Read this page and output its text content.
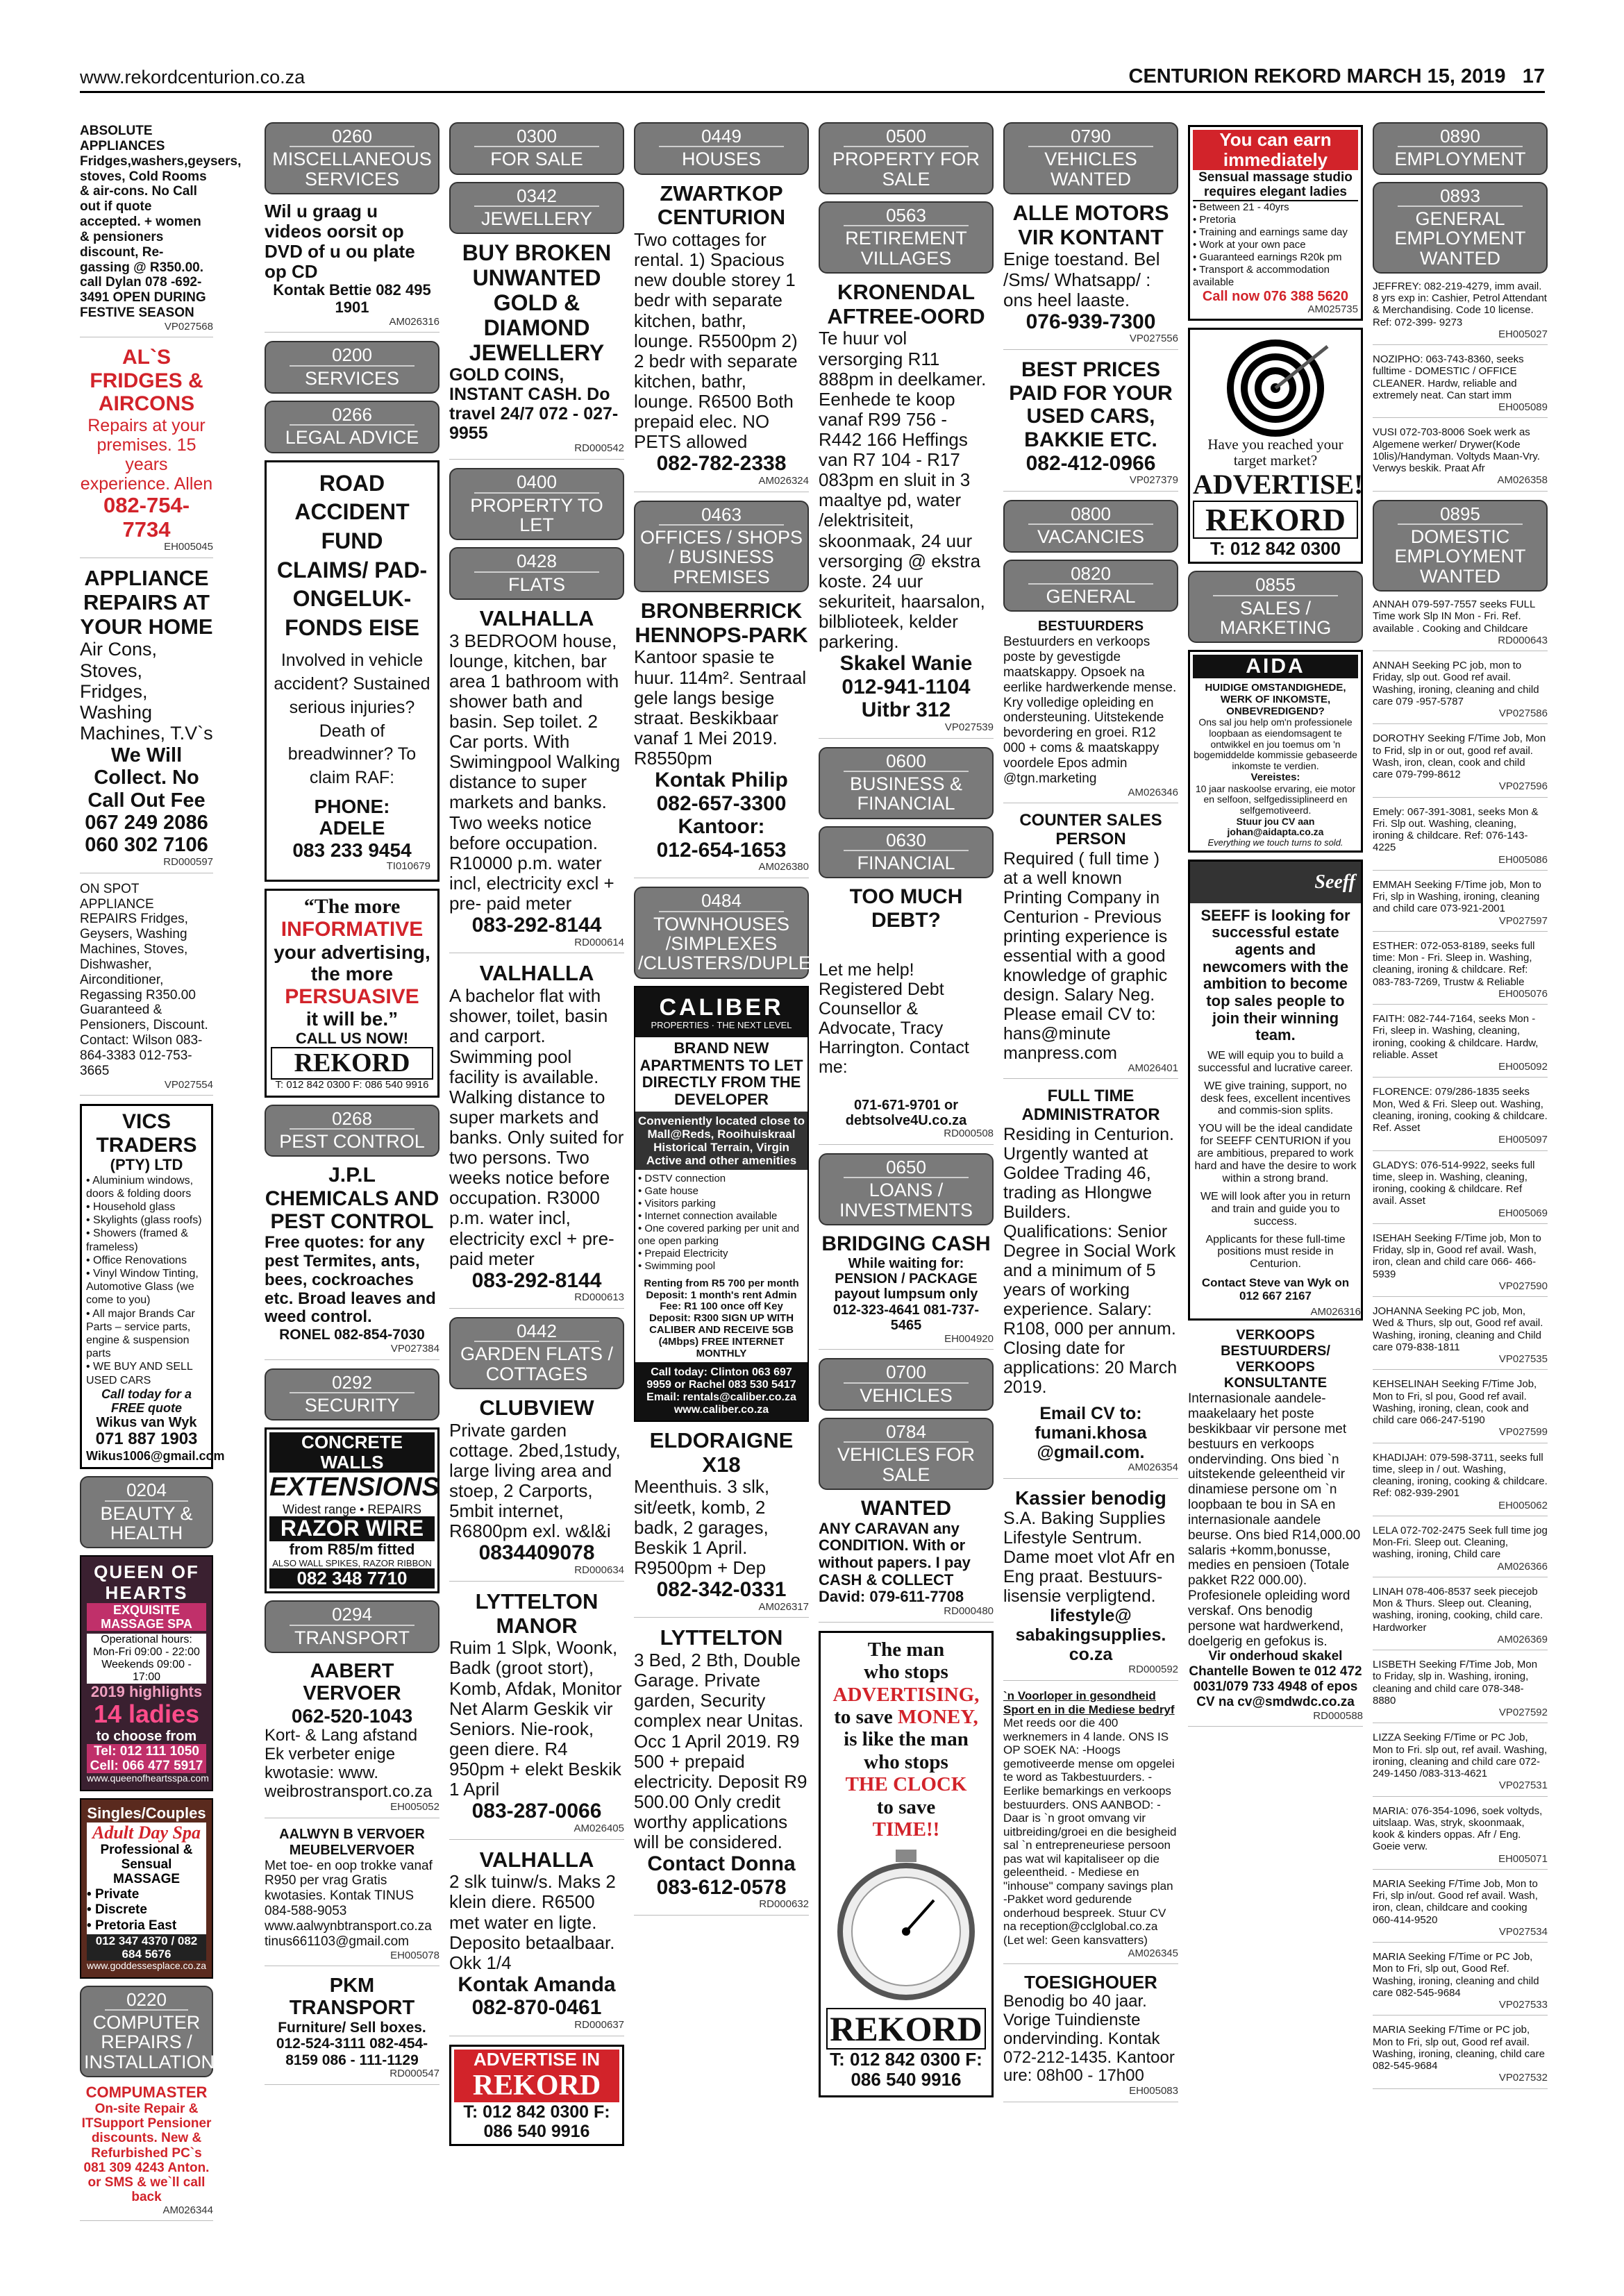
www.rekordcenturion.co.za	CENTURION REKORD MARCH 15, 2019 17

ABSOLUTE APPLIANCES Fridges,washers,geysers, stoves, Cold Rooms & air-cons. No Call out if quote accepted. + women & pensioners discount, Re-gassing @ R350.00. call Dylan 078 -692-3491 OPEN DURING FESTIVE SEASON

VP027568

AL`S FRIDGES & AIRCONS

Repairs at your premises. 15 years experience. Allen

082-754-7734

EH005045

APPLIANCE REPAIRS AT YOUR HOME

Air Cons, Stoves, Fridges, Washing Machines, T.V`s

We Will Collect. No Call Out Fee

067 249 2086 060 302 7106

RD000597

ON SPOT APPLIANCE REPAIRS Fridges, Geysers, Washing Machines, Stoves, Dishwasher, Airconditioner, Regassing R350.00 Guaranteed & Pensioners, Discount. Contact: Wilson 083-864-3383 012-753-3665

VP027554

VICS TRADERS

(PTY) LTD

• Aluminium windows, doors & folding doors
• Household glass
• Skylights (glass roofs)
• Showers (framed & frameless)
• Office Renovations
• Vinyl Window Tinting, Automotive Glass (we come to you)
• All major Brands Car Parts – service parts, engine & suspension parts
• WE BUY AND SELL USED CARS

Call today for a FREE quote

Wikus van Wyk

071 887 1903

Wikus1006@gmail.com

0204
BEAUTY & HEALTH

QUEEN OF HEARTS

EXQUISITE MASSAGE SPA

Operational hours: Mon-Fri 09:00 - 22:00 Weekends 09:00 - 17:00

2019 highlights

14 ladies

to choose from

Tel: 012 111 1050 Cell: 066 477 5917

www.queenofheartsspa.com

Singles/Couples

Adult Day Spa

Professional & Sensual MASSAGE

• Private
• Discrete
• Pretoria East

012 347 4370 / 082 684 5676

www.goddessesplace.co.za

0220
COMPUTER REPAIRS / INSTALLATIONS

COMPUMASTER

On-site Repair & ITSupport Pensioner discounts. New & Refurbished PC`s 081 309 4243 Anton. or SMS & we`ll call back

AM026344
0260
MISCELLANEOUS SERVICES

Wil u graag u videos oorsit op DVD of u ou plate op CD

Kontak Bettie 082 495 1901

AM026316
0200
SERVICES
0266
LEGAL ADVICE

ROAD ACCIDENT FUND CLAIMS/ PAD-ONGELUK-FONDS EISE

Involved in vehicle accident? Sustained serious injuries? Death of breadwinner? To claim RAF:

PHONE:

ADELE

083 233 9454

TI010679

“The more

INFORMATIVE

your advertising, the more

PERSUASIVE

it will be.”

CALL US NOW!

REKORD

T: 012 842 0300 F: 086 540 9916

0268
PEST CONTROL

J.P.L CHEMICALS AND PEST CONTROL

Free quotes: for any pest Termites, ants, bees, cockroaches etc. Broad leaves and weed control.

RONEL 082-854-7030

VP027384
0292
SECURITY

CONCRETE WALLS

EXTENSIONS

Widest range • REPAIRS

RAZOR WIRE

from R85/m fitted

ALSO WALL SPIKES, RAZOR RIBBON

082 348 7710

0294
TRANSPORT

AABERT VERVOER

062-520-1043

Kort- & Lang afstand Ek verbeter enige kwotasie: www. weibrostransport.co.za

EH005052

AALWYN B VERVOER MEUBELVERVOER

Met toe- en oop trokke vanaf R950 per vrag Gratis kwotasies. Kontak TINUS 084-588-9053 www.aalwynbtransport.co.za tinus661103@gmail.com

EH005078

PKM TRANSPORT

Furniture/ Sell boxes. 012-524-3111 082-454- 8159 086 - 111-1129

RD000547
0300
FOR SALE
0342
JEWELLERY

BUY BROKEN UNWANTED GOLD & DIAMOND JEWELLERY

GOLD COINS, INSTANT CASH. Do travel 24/7 072 - 027- 9955

RD000542
0400
PROPERTY TO LET
0428
FLATS

VALHALLA

3 BEDROOM house, lounge, kitchen, bar area 1 bathroom with shower bath and basin. Sep toilet. 2 Car ports. With Swimingpool Walking distance to super markets and banks. Two weeks notice before occupation. R10000 p.m. water incl, electricity excl + pre- paid meter

083-292-8144

RD000614

VALHALLA

A bachelor flat with shower, toilet, basin and carport. Swimming pool facility is available. Walking distance to super markets and banks. Only suited for two persons. Two weeks notice before occupation. R3000 p.m. water incl, electricity excl + pre-paid meter

083-292-8144

RD000613
0442
GARDEN FLATS / COTTAGES

CLUBVIEW

Private garden cottage. 2bed,1study, large living area and stoep, 2 Carports, 5mbit internet, R6800pm exl. w&l&i

0834409078

RD000634

LYTTELTON MANOR

Ruim 1 Slpk, Woonk, Badk (groot stort), Komb, Afdak, Monitor Net Alarm Geskik vir Seniors. Nie-rook, geen diere. R4 950pm + elekt Beskik 1 April

083-287-0066

AM026405

VALHALLA

2 slk tuinw/s. Maks 2 klein diere. R6500 met water en ligte. Deposito betaalbaar. Okk 1/4

Kontak Amanda

082-870-0461

RD000637

ADVERTISE IN

REKORD

T: 012 842 0300 F: 086 540 9916

0449
HOUSES

ZWARTKOP CENTURION

Two cottages for rental. 1) Spacious new double storey 1 bedr with separate kitchen, bathr, lounge. R5500pm 2) 2 bedr with separate kitchen, bathr, lounge. R6500 Both prepaid elec. NO PETS allowed

082-782-2338

AM026324
0463
OFFICES / SHOPS / BUSINESS PREMISES

BRONBERRICK HENNOPS-PARK

Kantoor spasie te huur. 114m². Sentraal gele langs besige straat. Beskikbaar vanaf 1 Mei 2019. R8550pm

Kontak Philip

082-657-3300

Kantoor:

012-654-1653

AM026380
0484
TOWNHOUSES /SIMPLEXES /CLUSTERS/DUPLEXES

CALIBER

PROPERTIES · THE NEXT LEVEL

BRAND NEW APARTMENTS TO LET DIRECTLY FROM THE DEVELOPER

Conveniently located close to Mall@Reds, Rooihuiskraal Historical Terrain, Virgin Active and other amenities

• DSTV connection
• Gate house
• Visitors parking
• Internet connection available
• One covered parking per unit and one open parking
• Prepaid Electricity
• Swimming pool

Renting from R5 700 per month Deposit: 1 month's rent Admin Fee: R1 100 once off Key Deposit: R300 SIGN UP WITH CALIBER AND RECEIVE 5GB (4Mbps) FREE INTERNET MONTHLY

Call today: Clinton 063 697 9959 or Rachel 083 530 5417 Email: rentals@caliber.co.za www.caliber.co.za

ELDORAIGNE X18

Meenthuis. 3 slk, sit/eetk, komb, 2 badk, 2 garages, Beskik 1 April. R9500pm + Dep

082-342-0331

AM026317

LYTTELTON

3 Bed, 2 Bth, Double Garage. Private garden, Security complex near Unitas. Occ 1 April 2019. R9 500 + prepaid electricity. Deposit R9 500.00 Only credit worthy applications will be considered.

Contact Donna

083-612-0578

RD000632
0500
PROPERTY FOR SALE
0563
RETIREMENT VILLAGES

KRONENDAL AFTREE-OORD

Te huur vol versorging R11 888pm in deelkamer. Eenhede te koop vanaf R99 756 - R442 166 Heffings van R7 104 - R17 083pm en sluit in 3 maaltye pd, water /elektrisiteit, skoonmaak, 24 uur versorging @ ekstra koste. 24 uur sekuriteit, haarsalon, bilblioteek, kelder parkering.

Skakel Wanie

012-941-1104

Uitbr 312

VP027539
0600
BUSINESS & FINANCIAL
0630
FINANCIAL

TOO MUCH DEBT?

Let me help! Registered Debt Counsellor & Advocate, Tracy Harrington. Contact me:

071-671-9701 or debtsolve4U.co.za

RD000508
0650
LOANS / INVESTMENTS

BRIDGING CASH

While waiting for: PENSION / PACKAGE payout lumpsum only 012-323-4641 081-737-5465

EH004920
0700
VEHICLES
0784
VEHICLES FOR SALE

WANTED

ANY CARAVAN any CONDITION. With or without papers. I pay CASH & COLLECT David: 079-611-7708

RD000480

The man

who stops

ADVERTISING,

to save MONEY,

is like the man

who stops

THE CLOCK

to save

TIME!!

REKORD

T: 012 842 0300 F: 086 540 9916

0790
VEHICLES WANTED

ALLE MOTORS VIR KONTANT

Enige toestand. Bel /Sms/ Whatsapp/ : ons heel laaste.

076-939-7300

VP027556

BEST PRICES PAID FOR YOUR USED CARS, BAKKIE ETC.

082-412-0966

VP027379
0800
VACANCIES
0820
GENERAL

BESTUURDERS

Bestuurders en verkoops poste by gevestigde maatskappy. Opsoek na eerlike hardwerkende mense. Kry volledige opleiding en ondersteuning. Uitstekende bevordering en groei. R12 000 + coms & maatskappy voordele Epos admin @tgn.marketing

AM026346

COUNTER SALES PERSON

Required ( full time ) at a well known Printing Company in Centurion - Previous printing experience is essential with a good knowledge of graphic design. Salary Neg. Please email CV to: hans@minute manpress.com

AM026401

FULL TIME ADMINISTRATOR

Residing in Centurion. Urgently wanted at Goldee Trading 46, trading as Hlongwe Builders. Qualifications: Senior Degree in Social Work and a minimum of 5 years of working experience. Salary: R108, 000 per annum. Closing date for applications: 20 March 2019.

Email CV to: fumani.khosa @gmail.com.

AM026354

Kassier benodig

S.A. Baking Supplies Lifestyle Sentrum. Dame moet vlot Afr en Eng praat. Bestuurs-lisensie verpligtend.

lifestyle@ sabakingsupplies. co.za

RD000592

`n Voorloper in gesondheid Sport en in die Mediese bedryf

Met reeds oor die 400 werknemers in 4 lande. ONS IS OP SOEK NA: -Hoogs gemotiveerde mense om opgelei te word as Takbestuurders. -Eerlike bemarkings en verkoops bestuurders. ONS AANBOD: - Daar is `n groot omvang vir uitbreiding/groei en die besigheid sal `n entrepreneuriese persoon pas wat wil kapitaliseer op die geleentheid. - Mediese en "inhouse" company savings plan -Pakket word gedurende onderhoud bespreek. Stuur CV na reception@cclglobal.co.za (Let wel: Geen kansvatters)

AM026345

TOESIGHOUER

Benodig bo 40 jaar. Vorige Tuindienste ondervinding. Kontak 072-212-1435. Kantoor ure: 08h00 - 17h00

EH005083

You can earn immediately

Sensual massage studio requires elegant ladies

• Between 21 - 40yrs
• Pretoria
• Training and earnings same day
• Work at your own pace
• Guaranteed earnings R20k pm
• Transport & accommodation available

Call now 076 388 5620

AM025735

Have you reached your target market?

ADVERTISE!

REKORD

T: 012 842 0300

0855
SALES / MARKETING

AIDA

HUIDIGE OMSTANDIGHEDE, WERK OF INKOMSTE, ONBEVREDIGEND?

Ons sal jou help om'n professionele loopbaan as eiendomsagent te ontwikkel en jou toemus om 'n bogemiddelde kommissie gebaseerde inkomste te verdien.

Vereistes:

10 jaar naskoolse ervaring, eie motor en selfoon, selfgedissiplineerd en selfgemotiveerd.

Stuur jou CV aan johan@aidapta.co.za

Everything we touch turns to sold.

Seeff

SEEFF is looking for successful estate agents and newcomers with the ambition to become top sales people to join their winning team.

WE will equip you to build a successful and lucrative career.

WE give training, support, no desk fees, excellent incentives and commis-sion splits.

YOU will be the ideal candidate for SEEFF CENTURION if you are ambitious, prepared to work hard and have the desire to work within a strong brand.

WE will look after you in return and train and guide you to success.

Applicants for these full-time positions must reside in Centurion.

Contact Steve van Wyk on 012 667 2167

AM026316

VERKOOPS BESTUURDERS/ VERKOOPS KONSULTANTE

Internasionale aandele-maakelaary het poste beskikbaar vir persone met bestuurs en verkoops ondervinding. Ons bied `n uitstekende geleentheid vir dinamiese persone om `n loopbaan te bou in SA en internasionale aandele beurse. Ons bied R14,000.00 salaris +komm,bonusse, medies en pensioen (Totale pakket R22 000.00). Profesionele opleiding word verskaf. Ons benodig persone wat hardwerkend, doelgerig en gefokus is.

Vir onderhoud skakel Chantelle Bowen te 012 472 0031/079 733 4948 of epos CV na cv@smdwdc.co.za

RD000588
0890
EMPLOYMENT
0893
GENERAL EMPLOYMENT WANTED

JEFFREY: 082-219-4279, imm avail. 8 yrs exp in: Cashier, Petrol Attendant & Merchandising. Code 10 license. Ref: 072-399- 9273

EH005027

NOZIPHO: 063-743-8360, seeks fulltime - DOMESTIC / OFFICE CLEANER. Hardw, reliable and extremely neat. Can start imm

EH005089

VUSI 072-703-8006 Soek werk as Algemene werker/ Drywer(Kode 10lis)/Handyman. Voltyds Maan-Vry. Verwys beskik. Praat Afr

AM026358
0895
DOMESTIC EMPLOYMENT WANTED

ANNAH 079-597-7557 seeks FULL Time work Slp IN Mon - Fri. Ref. available . Cooking and Childcare

RD000643

ANNAH Seeking PC job, mon to Friday, slp out. Good ref avail. Washing, ironing, cleaning and child care 079 -957-5787

VP027586

DOROTHY Seeking F/Time Job, Mon to Frid, slp in or out, good ref avail. Wash, iron, clean, cook and child care 079-799-8612

VP027596

Emely: 067-391-3081, seeks Mon & Fri. Slp out. Washing, cleaning, ironing & childcare. Ref: 076-143-4225

EH005086

EMMAH Seeking F/Time job, Mon to Fri, slp in Washing, ironing, cleaning and child care 073-921-2001

VP027597

ESTHER: 072-053-8189, seeks full time: Mon - Fri. Sleep in. Washing, cleaning, ironing & childcare. Ref: 083-783-7269, Trustw & Reliable

EH005076

FAITH: 082-744-7164, seeks Mon - Fri, sleep in. Washing, cleaning, ironing, cooking & childcare. Hardw, reliable. Asset

EH005092

FLORENCE: 079/286-1835 seeks Mon, Wed & Fri. Sleep out. Washing, cleaning, ironing, cooking & childcare. Ref. Asset

EH005097

GLADYS: 076-514-9922, seeks full time, sleep in. Washing, cleaning, ironing, cooking & childcare. Ref avail. Asset

EH005069

ISEHAH Seeking F/Time job, Mon to Friday, slp in, Good ref avail. Wash, iron, clean and child care 066- 466-5939

VP027590

JOHANNA Seeking PC job, Mon, Wed & Thurs, slp out, Good ref avail. Washing, ironing, cleaning and Child care 079-838-1811

VP027535

KEHSELINAH Seeking F/Time Job, Mon to Fri, sl pou, Good ref avail. Washing, ironing, clean, cook and child care 066-247-5190

VP027599

KHADIJAH: 079-598-3711, seeks full time, sleep in / out. Washing, cleaning, ironing, cooking & childcare. Ref: 082-939-2901

EH005062

LELA 072-702-2475 Seek full time jog Mon-Fri. Sleep out. Cleaning, washing, ironing, Child care

AM026366

LINAH 078-406-8537 seek piecejob Mon & Thurs. Sleep out. Cleaning, washing, ironing, cooking, child care. Hardworker

AM026369

LISBETH Seeking F/Time Job, Mon to Friday, slp in. Washing, ironing, cleaning and child care 078-348- 8880

VP027592

LIZZA Seeking F/Time or PC Job, Mon to Fri. slp out, ref avail. Washing, ironing, cleaning and child care 072- 249-1450 /083-313-4621

VP027531

MARIA: 076-354-1096, soek voltyds, uitslaap. Was, stryk, skoonmaak, kook & kinders oppas. Afr / Eng. Goeie verw.

EH005071

MARIA Seeking F/Time Job, Mon to Fri, slp in/out. Good ref avail. Wash, iron, clean, childcare and cooking 060-414-9520

VP027534

MARIA Seeking F/Time or PC Job, Mon to Fri, slp out, Good Ref. Washing, ironing, cleaning and child care 082-545-9684

VP027533

MARIA Seeking F/Time or PC job, Mon to Fri, slp out, Good ref avail. Washing, ironing, cleaning, child care 082-545-9684

VP027532
